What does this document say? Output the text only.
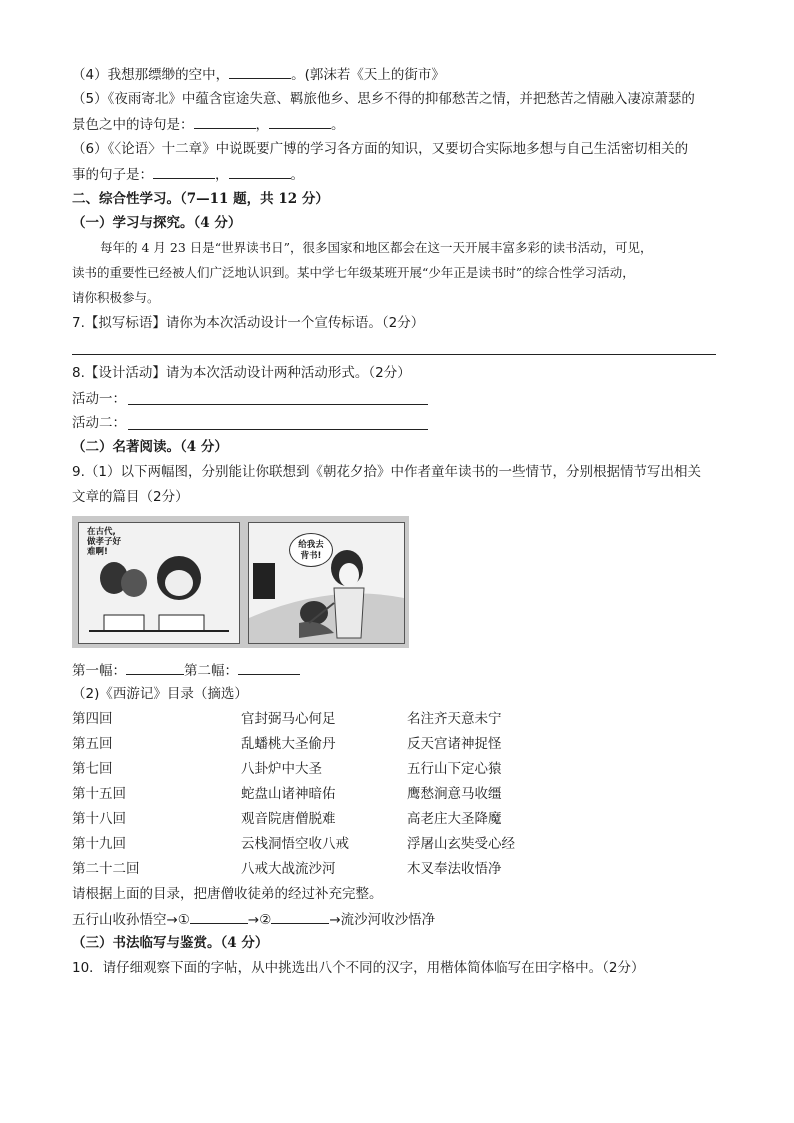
（4）我想那缥缈的空中，	。(郭沫若《天上的街市》
（5）《夜雨寄北》中蕴含宦途失意、羁旅他乡、思乡不得的抑郁愁苦之情，并把愁苦之情融入凄凉萧瑟的
景色之中的诗句是：	，	。
（6）《〈论语〉十二章》中说既要广博的学习各方面的知识，又要切合实际地多想与自己生活密切相关的
事的句子是：	，	。
二、综合性学习。（7—11 题，共 12 分）
（一）学习与探究。（4 分）
每年的 4 月 23 日是“世界读书日”，很多国家和地区都会在这一天开展丰富多彩的读书活动，可见，
读书的重要性已经被人们广泛地认识到。某中学七年级某班开展“少年正是读书时”的综合性学习活动，
请你积极参与。
7.【拟写标语】请你为本次活动设计一个宣传标语。（2分）
8.【设计活动】请为本次活动设计两种活动形式。（2分）
活动一：
活动二：
（二）名著阅读。（4 分）
9.（1）以下两幅图，分别能让你联想到《朝花夕拾》中作者童年读书的一些情节，分别根据情节写出相关
文章的篇目（2分）
在古代,
做孝子好
难啊!
给我去
背书!
第一幅：	第二幅：
（2)《西游记》目录（摘选）
第四回	官封弼马心何足	名注齐天意未宁
第五回	乱蟠桃大圣偷丹	反天宫诸神捉怪
第七回	八卦炉中大圣	五行山下定心猿
第十五回	蛇盘山诸神暗佑	鹰愁涧意马收缰
第十八回	观音院唐僧脱难	高老庄大圣降魔
第十九回	云栈洞悟空收八戒	浮屠山玄奘受心经
第二十二回	八戒大战流沙河	木叉奉法收悟净
请根据上面的目录，把唐僧收徒弟的经过补充完整。
五行山收孙悟空→①	→②	→流沙河收沙悟净
（三）书法临写与鉴赏。（4 分）
10．请仔细观察下面的字帖，从中挑选出八个不同的汉字，用楷体简体临写在田字格中。（2分）
